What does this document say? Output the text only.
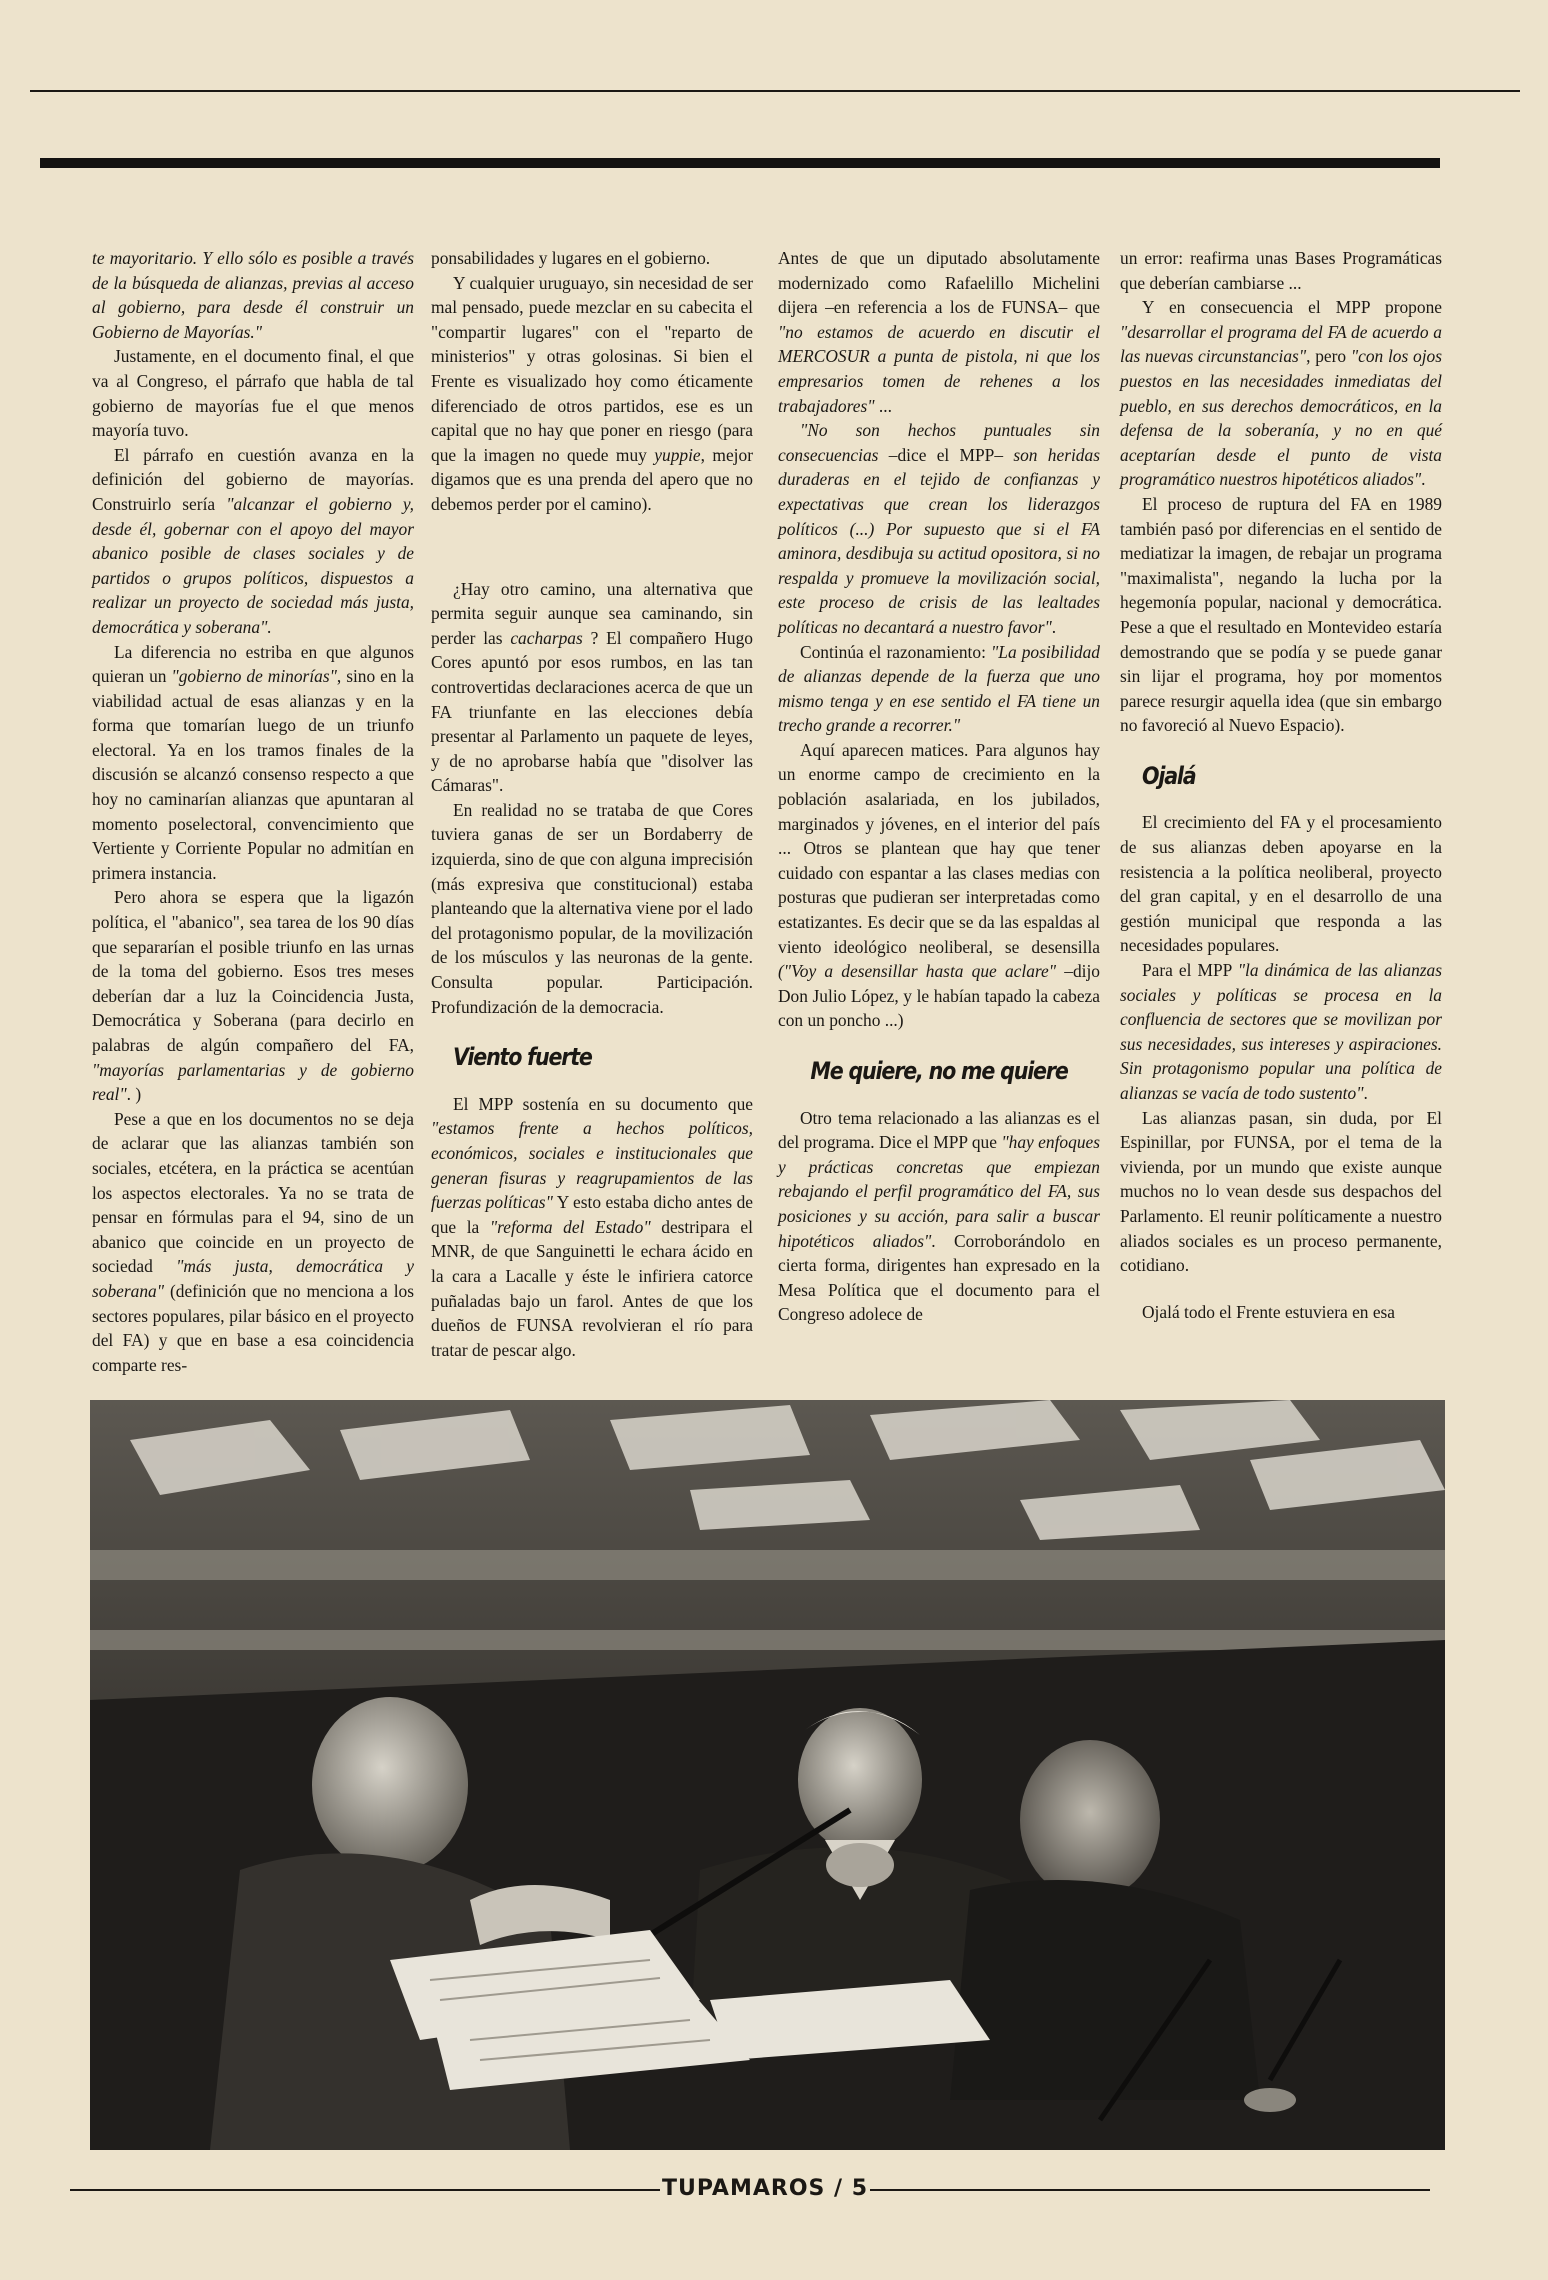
te mayoritario. Y ello sólo es posible a través de la búsqueda de alianzas, previas al acceso al gobierno, para desde él construir un Gobierno de Mayorías."

Justamente, en el documento final, el que va al Congreso, el párrafo que habla de tal gobierno de mayorías fue el que menos mayoría tuvo.

El párrafo en cuestión avanza en la definición del gobierno de mayorías. Construirlo sería "alcanzar el gobierno y, desde él, gobernar con el apoyo del mayor abanico posible de clases sociales y de partidos o grupos políticos, dispuestos a realizar un proyecto de sociedad más justa, democrática y soberana".

La diferencia no estriba en que algunos quieran un "gobierno de minorías", sino en la viabilidad actual de esas alianzas y en la forma que tomarían luego de un triunfo electoral. Ya en los tramos finales de la discusión se alcanzó consenso respecto a que hoy no caminarían alianzas que apuntaran al momento poselectoral, convencimiento que Vertiente y Corriente Popular no admitían en primera instancia.

Pero ahora se espera que la ligazón política, el "abanico", sea tarea de los 90 días que separarían el posible triunfo en las urnas de la toma del gobierno. Esos tres meses deberían dar a luz la Coincidencia Justa, Democrática y Soberana (para decirlo en palabras de algún compañero del FA, "mayorías parlamentarias y de gobierno real". )

Pese a que en los documentos no se deja de aclarar que las alianzas también son sociales, etcétera, en la práctica se acentúan los aspectos electorales. Ya no se trata de pensar en fórmulas para el 94, sino de un abanico que coincide en un proyecto de sociedad "más justa, democrática y soberana" (definición que no menciona a los sectores populares, pilar básico en el proyecto del FA) y que en base a esa coincidencia comparte res-

ponsabilidades y lugares en el gobierno.

Y cualquier uruguayo, sin necesidad de ser mal pensado, puede mezclar en su cabecita el "compartir lugares" con el "reparto de ministerios" y otras golosinas. Si bien el Frente es visualizado hoy como éticamente diferenciado de otros partidos, ese es un capital que no hay que poner en riesgo (para que la imagen no quede muy yuppie, mejor digamos que es una prenda del apero que no debemos perder por el camino).

¿Hay otro camino, una alternativa que permita seguir aunque sea caminando, sin perder las cacharpas ? El compañero Hugo Cores apuntó por esos rumbos, en las tan controvertidas declaraciones acerca de que un FA triunfante en las elecciones debía presentar al Parlamento un paquete de leyes, y de no aprobarse había que "disolver las Cámaras".

En realidad no se trataba de que Cores tuviera ganas de ser un Bordaberry de izquierda, sino de que con alguna imprecisión (más expresiva que constitucional) estaba planteando que la alternativa viene por el lado del protagonismo popular, de la movilización de los músculos y las neuronas de la gente. Consulta popular. Participación. Profundización de la democracia.

Viento fuerte

El MPP sostenía en su documento que "estamos frente a hechos políticos, económicos, sociales e institucionales que generan fisuras y reagrupamientos de las fuerzas políticas" Y esto estaba dicho antes de que la "reforma del Estado" destripara el MNR, de que Sanguinetti le echara ácido en la cara a Lacalle y éste le infiriera catorce puñaladas bajo un farol. Antes de que los dueños de FUNSA revolvieran el río para tratar de pescar algo.

Antes de que un diputado absolutamente modernizado como Rafaelillo Michelini dijera –en referencia a los de FUNSA– que "no estamos de acuerdo en discutir el MERCOSUR a punta de pistola, ni que los empresarios tomen de rehenes a los trabajadores" ...

"No son hechos puntuales sin consecuencias –dice el MPP– son heridas duraderas en el tejido de confianzas y expectativas que crean los liderazgos políticos (...) Por supuesto que si el FA aminora, desdibuja su actitud opositora, si no respalda y promueve la movilización social, este proceso de crisis de las lealtades políticas no decantará a nuestro favor".

Continúa el razonamiento: "La posibilidad de alianzas depende de la fuerza que uno mismo tenga y en ese sentido el FA tiene un trecho grande a recorrer."

Aquí aparecen matices. Para algunos hay un enorme campo de crecimiento en la población asalariada, en los jubilados, marginados y jóvenes, en el interior del país ... Otros se plantean que hay que tener cuidado con espantar a las clases medias con posturas que pudieran ser interpretadas como estatizantes. Es decir que se da las espaldas al viento ideológico neoliberal, se desensilla ("Voy a desensillar hasta que aclare" –dijo Don Julio López, y le habían tapado la cabeza con un poncho ...)

Me quiere, no me quiere

Otro tema relacionado a las alianzas es el del programa. Dice el MPP que "hay enfoques y prácticas concretas que empiezan rebajando el perfil programático del FA, sus posiciones y su acción, para salir a buscar hipotéticos aliados". Corroborándolo en cierta forma, dirigentes han expresado en la Mesa Política que el documento para el Congreso adolece de

un error: reafirma unas Bases Programáticas que deberían cambiarse ...

Y en consecuencia el MPP propone "desarrollar el programa del FA de acuerdo a las nuevas circunstancias", pero "con los ojos puestos en las necesidades inmediatas del pueblo, en sus derechos democráticos, en la defensa de la soberanía, y no en qué aceptarían desde el punto de vista programático nuestros hipotéticos aliados".

El proceso de ruptura del FA en 1989 también pasó por diferencias en el sentido de mediatizar la imagen, de rebajar un programa "maximalista", negando la lucha por la hegemonía popular, nacional y democrática. Pese a que el resultado en Montevideo estaría demostrando que se podía y se puede ganar sin lijar el programa, hoy por momentos parece resurgir aquella idea (que sin embargo no favoreció al Nuevo Espacio).

Ojalá

El crecimiento del FA y el procesamiento de sus alianzas deben apoyarse en la resistencia a la política neoliberal, proyecto del gran capital, y en el desarrollo de una gestión municipal que responda a las necesidades populares.

Para el MPP "la dinámica de las alianzas sociales y políticas se procesa en la confluencia de sectores que se movilizan por sus necesidades, sus intereses y aspiraciones. Sin protagonismo popular una política de alianzas se vacía de todo sustento".

Las alianzas pasan, sin duda, por El Espinillar, por FUNSA, por el tema de la vivienda, por un mundo que existe aunque muchos no lo vean desde sus despachos del Parlamento. El reunir políticamente a nuestro aliados sociales es un proceso permanente, cotidiano.

Ojalá todo el Frente estuviera en esa

TUPAMAROS / 5
